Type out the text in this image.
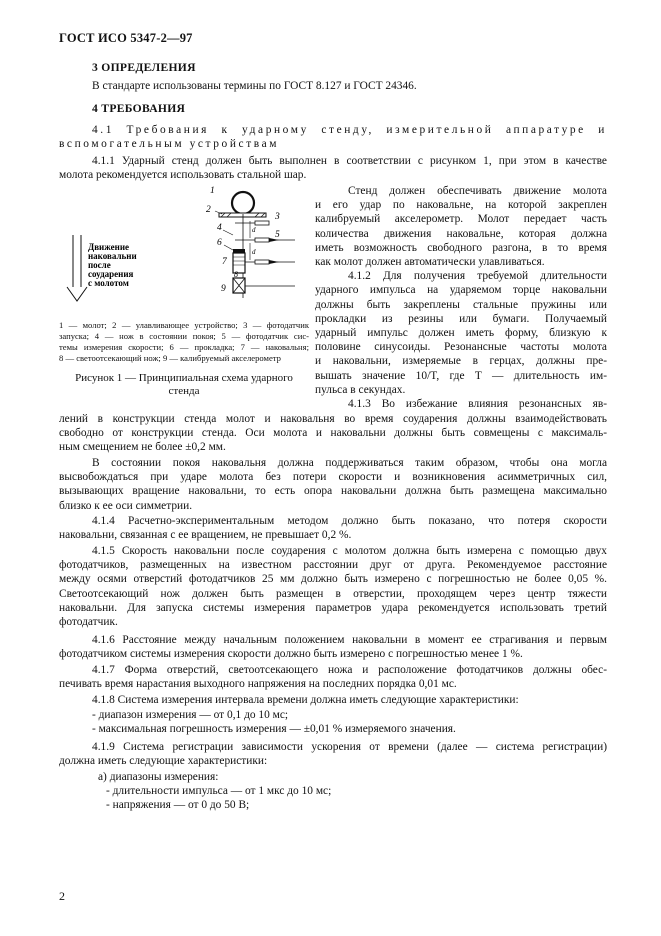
ГОСТ ИСО 5347-2—97
3 ОПРЕДЕЛЕНИЯ
В стандарте использованы термины по ГОСТ 8.127 и ГОСТ 24346.
4 ТРЕБОВАНИЯ
4.1 Требования к ударному стенду, измерительной аппаратуре и
вспомогательным устройствам
4.1.1 Ударный стенд должен быть выполнен в соответствии с рисунком 1, при этом в качестве
молота рекомендуется использовать стальной шар.
Движение
наковальни
после
соударения
с молотом
d
d
1
2
3
4
5
6
7
8
9
1 — молот; 2 — улавливающее устройство; 3 — фотодатчик
запуска; 4 — нож в состоянии покоя; 5 — фотодатчик сис-
темы измерения скорости; 6 — прокладка; 7 — наковальня;
8 — светоотсекающий нож; 9 — калибруемый акселерометр
Рисунок 1 — Принципиальная схема ударного
стенда
Стенд должен обеспечивать движение молота
и его удар по наковальне, на которой закреплен
калибруемый акселерометр. Молот передает часть
количества движения наковальне, которая должна
иметь возможность свободного разгона, в то время
как молот должен автоматически улавливаться.
4.1.2 Для получения требуемой длительности
ударного импульса на ударяемом торце наковальни
должны быть закреплены стальные пружины или
прокладки из резины или бумаги. Получаемый
ударный импульс должен иметь форму, близкую к
половине синусоиды. Резонансные частоты молота
и наковальни, измеряемые в герцах, должны пре-
вышать значение 10/T, где T — длительность им-
пульса в секундах.
4.1.3 Во избежание влияния резонансных яв-
лений в конструкции стенда молот и наковальня во время соударения должны взаимодействовать
свободно от конструкции стенда. Оси молота и наковальни должны быть совмещены с максималь-
ным смещением не более ±0,2 мм.
В состоянии покоя наковальня должна поддерживаться таким образом, чтобы она могла
высвобождаться при ударе молота без потери скорости и возникновения асимметричных сил,
вызывающих вращение наковальни, то есть опора наковальни должна быть размещена максимально
близко к ее оси симметрии.
4.1.4 Расчетно-экспериментальным методом должно быть показано, что потеря скорости
наковальни, связанная с ее вращением, не превышает 0,2 %.
4.1.5 Скорость наковальни после соударения с молотом должна быть измерена с помощью двух
фотодатчиков, размещенных на известном расстоянии друг от друга. Рекомендуемое расстояние
между осями отверстий фотодатчиков 25 мм должно быть измерено с погрешностью не более 0,05 %.
Светоотсекающий нож должен быть размещен в отверстии, проходящем через центр тяжести
наковальни. Для запуска системы измерения параметров удара рекомендуется использовать третий
фотодатчик.
4.1.6 Расстояние между начальным положением наковальни в момент ее страгивания и первым
фотодатчиком системы измерения скорости должно быть измерено с погрешностью менее 1 %.
4.1.7 Форма отверстий, светоотсекающего ножа и расположение фотодатчиков должны обес-
печивать время нарастания выходного напряжения на последних порядка 0,01 мс.
4.1.8 Система измерения интервала времени должна иметь следующие характеристики:
- диапазон измерения — от 0,1 до 10 мс;
- максимальная погрешность измерения — ±0,01 % измеряемого значения.
4.1.9 Система регистрации зависимости ускорения от времени (далее — система регистрации)
должна иметь следующие характеристики:
а) диапазоны измерения:
- длительности импульса — от 1 мкс до 10 мс;
- напряжения — от 0 до 50 В;
2
